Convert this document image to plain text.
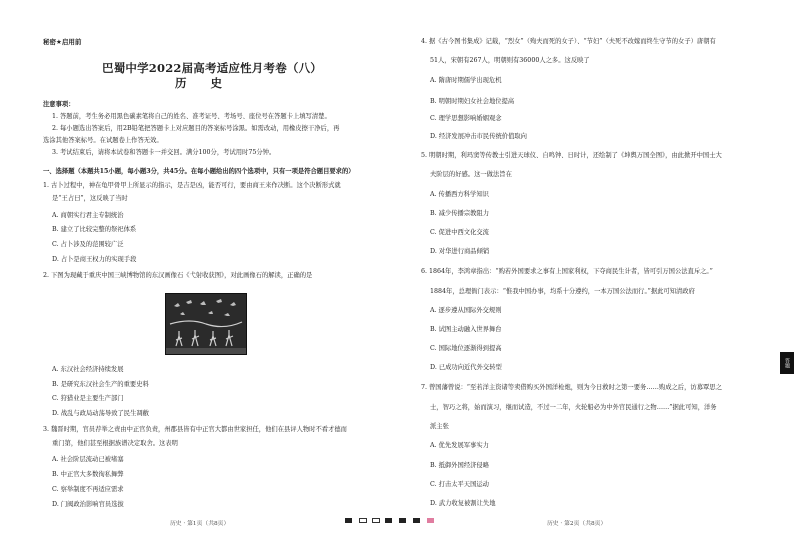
秘密★启用前
巴蜀中学2022届高考适应性月考卷（八）
历 史
注意事项：
1. 答题前，考生务必用黑色碳素笔将自己的姓名、准考证号、考场号、座位号在答题卡上填写清楚。
2. 每小题选出答案后，用2B铅笔把答题卡上对应题目的答案标号涂黑。如需改动，用橡皮擦干净后，再
选涂其他答案标号。在试题卷上作答无效。
3. 考试结束后，请将本试卷和答题卡一并交回。满分100分，考试用时75分钟。
一、选择题（本题共15小题，每小题3分，共45分。在每小题给出的四个选项中，只有一项是符合题目要求的）
1. 古卜过程中，神在龟甲骨甲上所显示的指示，是吉是凶，能否可行，要由商王来作决断。这个决断形式就
是“王占曰”，这反映了当时
A. 商朝实行君主专制统治
B. 建立了比较完整的祭祀体系
C. 占卜涉及的范围较广泛
D. 占卜是商王权力的实现手段
2. 下图为现藏于重庆中国三峡博物馆的东汉画像石《弋射收获图》，对此画像石的解读，正确的是
A. 东汉社会经济持续发展
B. 是研究东汉社会生产的重要史料
C. 狩猎业是主要生产部门
D. 战乱与政局动荡导致了民生凋敝
3. 魏晋时期，官员荐举之责由中正官负责，州郡县皆有中正官大都由世家担任，他们在县评人物时不看才德而
重门第，他们甚至根据族谱决定取舍。这表明
A. 社会阶层流动已被堵塞
B. 中正官大多数徇私舞弊
C. 察举制度不再适应需求
D. 门阀政治影响官员选拔
历史 · 第1页（共8页）
4. 据《古今图书集成》记载，“烈女”（殉夫而死的女子）、“节妇”（夫死不改嫁而终生守节的女子）唐朝有
51人，宋朝有267人，明朝则有36000人之多。这反映了
A. 隋唐时期儒学出现危机
B. 明朝时期妇女社会地位提高
C. 理学思想影响婚姻观念
D. 经济发展冲击市民传统价值取向
5. 明朝时期，利玛窦等传教士引进天球仪、自鸣钟、日时计，还绘制了《坤舆万国全图》，由此掀开中国士大
夫阶层的好感。这一做法旨在
A. 传播西方科学知识
B. 减少传播宗教阻力
C. 促进中西文化交流
D. 对华进行商品倾销
6. 1864年，李鸿章指出：“购若外国要求之事有上国家利权，下夺商民生计者，皆可引万国公法直斥之。”
1884年，总理衙门表示：“惟我中国办事，均系十分遵约，一本万国公法而行。”据此可知清政府
A. 逐步遵从国际外交规则
B. 试图主动融入世界舞台
C. 国际地位逐渐得到提高
D. 已成功向近代外交转型
7. 曾国藩曾说：“至若洋主资诸等卖借购买外国洋枪炮，则为今日救时之第一要务……购成之后，访募覃思之
士，智巧之将，始而演习，继而试造，不过一二年，火轮船必为中外官民通行之物……”据此可知，洋务
派主张
A. 优先发展军事实力
B. 抵御外国经济侵略
C. 打击太平天国运动
D. 武力收复被割让失地
历史 · 第2页（共8页）
答题
